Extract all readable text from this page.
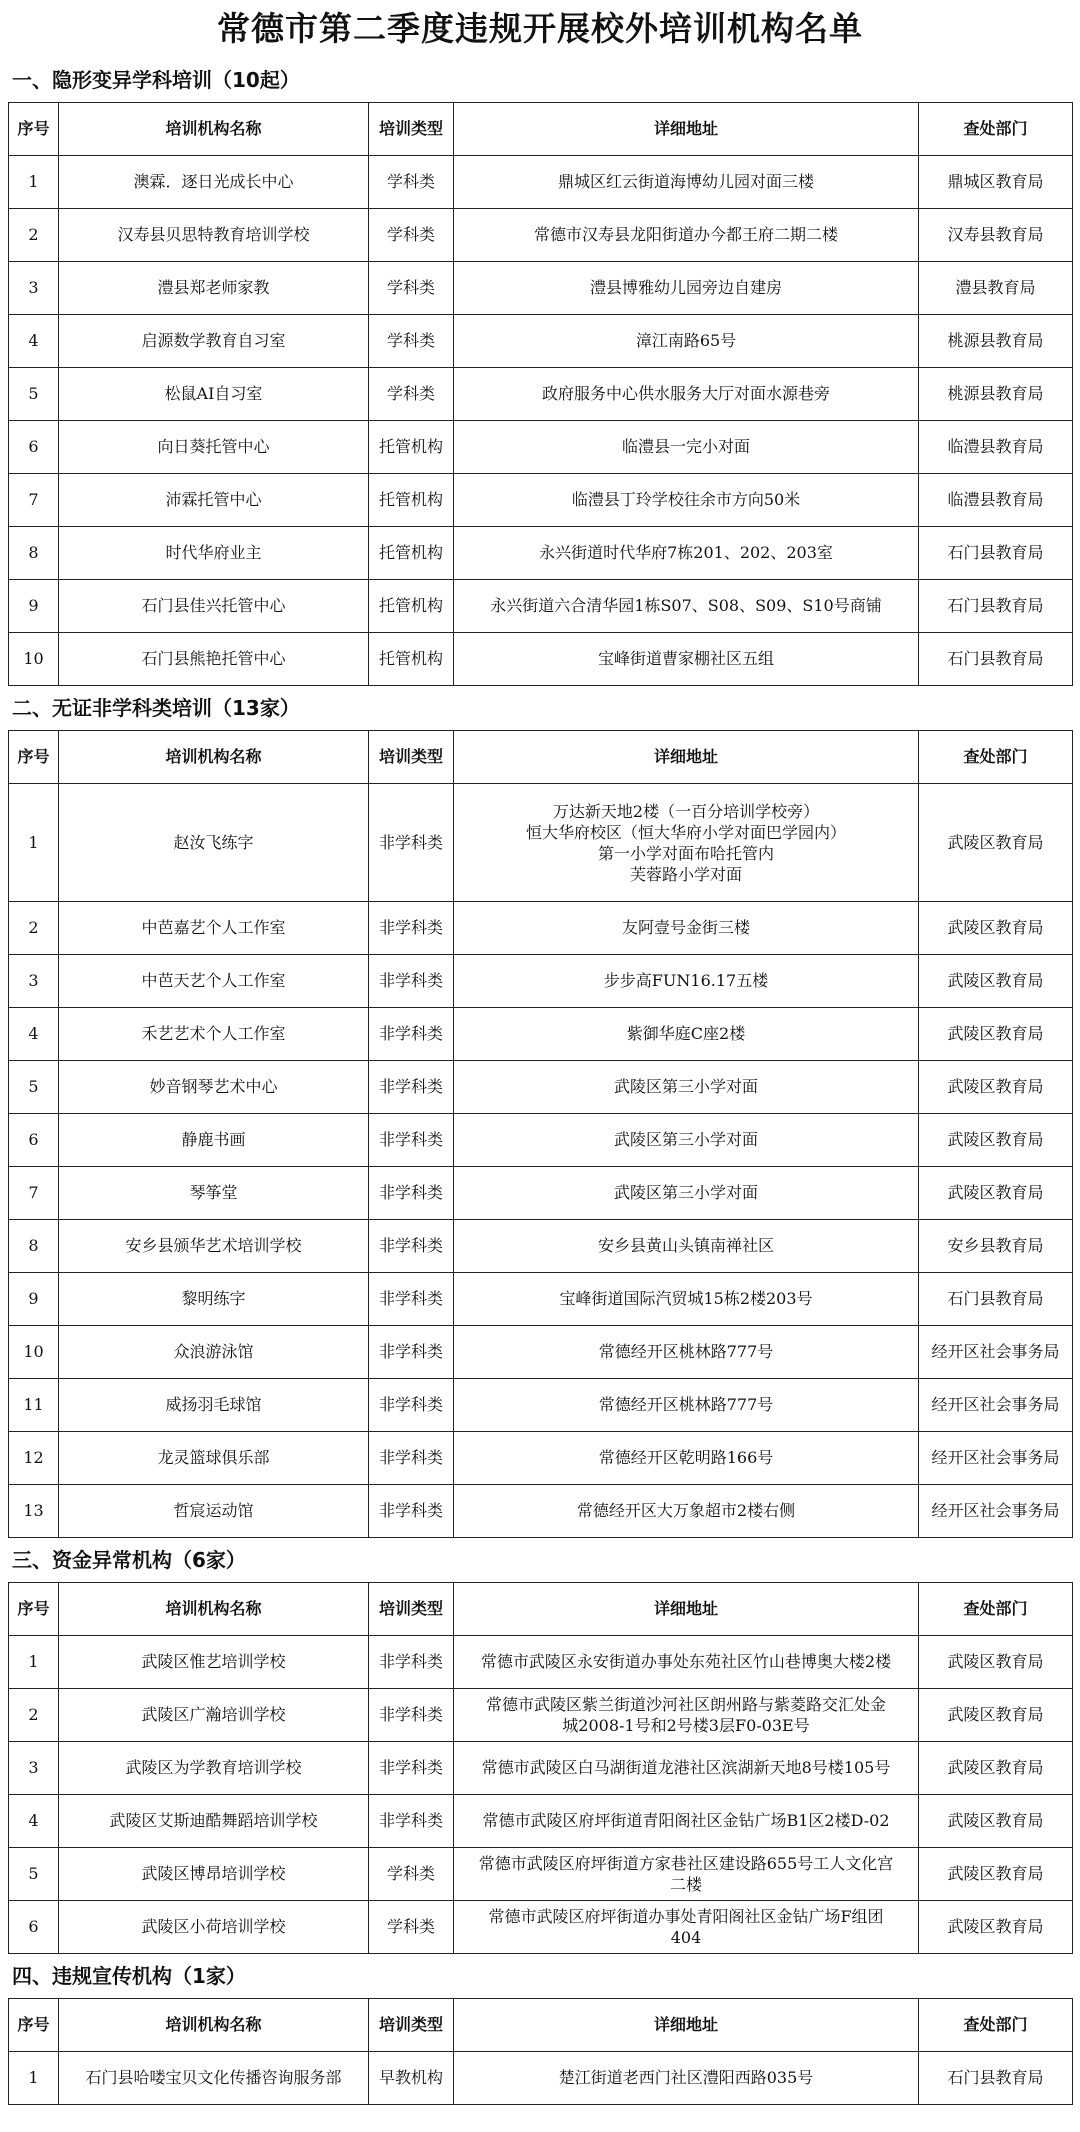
常德市第二季度违规开展校外培训机构名单
一、隐形变异学科培训（10起）
序号	培训机构名称	培训类型	详细地址	查处部门
1	澳霖．逐日光成长中心	学科类	鼎城区红云街道海博幼儿园对面三楼	鼎城区教育局
2	汉寿县贝思特教育培训学校	学科类	常德市汉寿县龙阳街道办今都王府二期二楼	汉寿县教育局
3	澧县郑老师家教	学科类	澧县博雅幼儿园旁边自建房	澧县教育局
4	启源数学教育自习室	学科类	漳江南路65号	桃源县教育局
5	松鼠AI自习室	学科类	政府服务中心供水服务大厅对面水源巷旁	桃源县教育局
6	向日葵托管中心	托管机构	临澧县一完小对面	临澧县教育局
7	沛霖托管中心	托管机构	临澧县丁玲学校往余市方向50米	临澧县教育局
8	时代华府业主	托管机构	永兴街道时代华府7栋201、202、203室	石门县教育局
9	石门县佳兴托管中心	托管机构	永兴街道六合清华园1栋S07、S08、S09、S10号商铺	石门县教育局
10	石门县熊艳托管中心	托管机构	宝峰街道曹家棚社区五组	石门县教育局
二、无证非学科类培训（13家）
序号	培训机构名称	培训类型	详细地址	查处部门
1	赵汝飞练字	非学科类	万达新天地2楼（一百分培训学校旁）
恒大华府校区（恒大华府小学对面巴学园内）
第一小学对面布哈托管内
芙蓉路小学对面	武陵区教育局
2	中芭嘉艺个人工作室	非学科类	友阿壹号金街三楼	武陵区教育局
3	中芭天艺个人工作室	非学科类	步步高FUN16.17五楼	武陵区教育局
4	禾艺艺术个人工作室	非学科类	紫御华庭C座2楼	武陵区教育局
5	妙音钢琴艺术中心	非学科类	武陵区第三小学对面	武陵区教育局
6	静鹿书画	非学科类	武陵区第三小学对面	武陵区教育局
7	琴筝堂	非学科类	武陵区第三小学对面	武陵区教育局
8	安乡县颁华艺术培训学校	非学科类	安乡县黄山头镇南禅社区	安乡县教育局
9	黎明练字	非学科类	宝峰街道国际汽贸城15栋2楼203号	石门县教育局
10	众浪游泳馆	非学科类	常德经开区桃林路777号	经开区社会事务局
11	威扬羽毛球馆	非学科类	常德经开区桃林路777号	经开区社会事务局
12	龙灵篮球俱乐部	非学科类	常德经开区乾明路166号	经开区社会事务局
13	哲宸运动馆	非学科类	常德经开区大万象超市2楼右侧	经开区社会事务局
三、资金异常机构（6家）
序号	培训机构名称	培训类型	详细地址	查处部门
1	武陵区惟艺培训学校	非学科类	常德市武陵区永安街道办事处东苑社区竹山巷博奥大楼2楼	武陵区教育局
2	武陵区广瀚培训学校	非学科类	常德市武陵区紫兰街道沙河社区朗州路与紫菱路交汇处金
城2008-1号和2号楼3层F0-03E号	武陵区教育局
3	武陵区为学教育培训学校	非学科类	常德市武陵区白马湖街道龙港社区滨湖新天地8号楼105号	武陵区教育局
4	武陵区艾斯迪酷舞蹈培训学校	非学科类	常德市武陵区府坪街道青阳阁社区金钻广场B1区2楼D-02	武陵区教育局
5	武陵区博昂培训学校	学科类	常德市武陵区府坪街道方家巷社区建设路655号工人文化宫
二楼	武陵区教育局
6	武陵区小荷培训学校	学科类	常德市武陵区府坪街道办事处青阳阁社区金钻广场F组团
404	武陵区教育局
四、违规宣传机构（1家）
序号	培训机构名称	培训类型	详细地址	查处部门
1	石门县哈喽宝贝文化传播咨询服务部	早教机构	楚江街道老西门社区澧阳西路035号	石门县教育局
